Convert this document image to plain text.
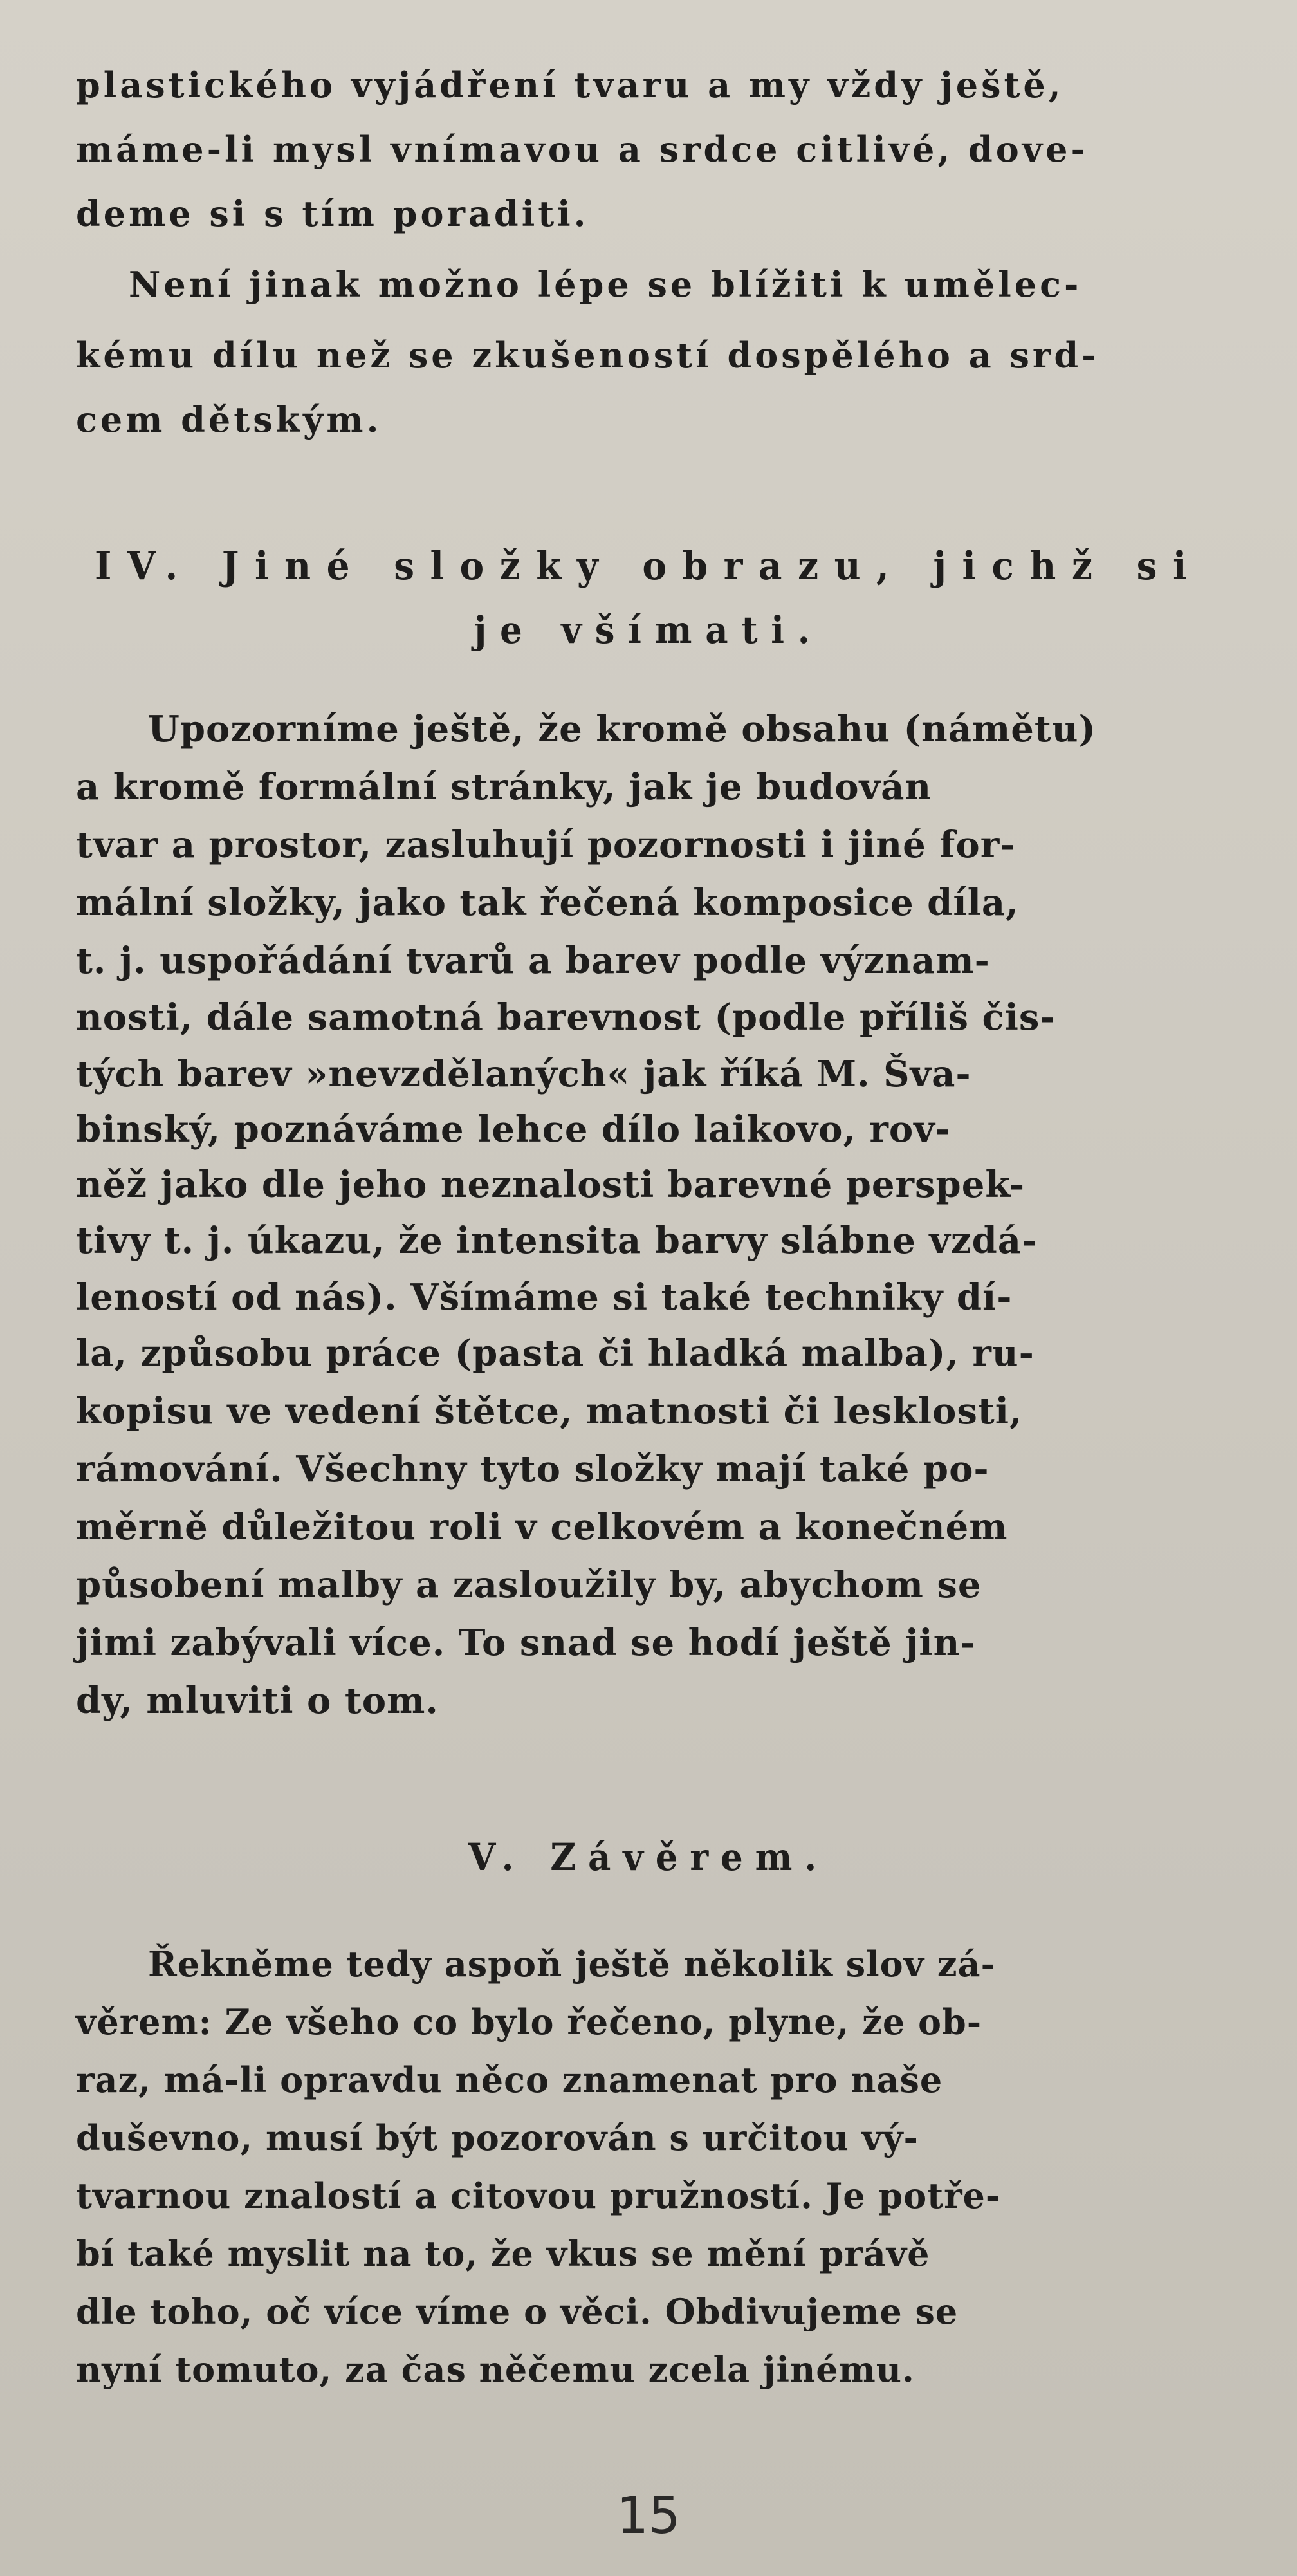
plastického vyjádření tvaru a my vždy ještě,
máme-li mysl vnímavou a srdce citlivé, dove-
deme si s tím poraditi.
Není jinak možno lépe se blížiti k umělec-
kému dílu než se zkušeností dospělého a srd-
cem dětským.
IV. Jiné složky obrazu, jichž si
je všímati.
Upozorníme ještě, že kromě obsahu (námětu)
a kromě formální stránky, jak je budován
tvar a prostor, zasluhují pozornosti i jiné for-
mální složky, jako tak řečená komposice díla,
t. j. uspořádání tvarů a barev podle význam-
nosti, dále samotná barevnost (podle příliš čis-
tých barev »nevzdělaných« jak říká M. Šva-
binský, poznáváme lehce dílo laikovo, rov-
něž jako dle jeho neznalosti barevné perspek-
tivy t. j. úkazu, že intensita barvy slábne vzdá-
leností od nás). Všímáme si také techniky dí-
la, způsobu práce (pasta či hladká malba), ru-
kopisu ve vedení štětce, matnosti či lesklosti,
rámování. Všechny tyto složky mají také po-
měrně důležitou roli v celkovém a konečném
působení malby a zasloužily by, abychom se
jimi zabývali více. To snad se hodí ještě jin-
dy, mluviti o tom.
V. Závěrem.
Řekněme tedy aspoň ještě několik slov zá-
věrem: Ze všeho co bylo řečeno, plyne, že ob-
raz, má-li opravdu něco znamenat pro naše
duševno, musí být pozorován s určitou vý-
tvarnou znalostí a citovou pružností. Je potře-
bí také myslit na to, že vkus se mění právě
dle toho, oč více víme o věci. Obdivujeme se
nyní tomuto, za čas něčemu zcela jinému.
15
